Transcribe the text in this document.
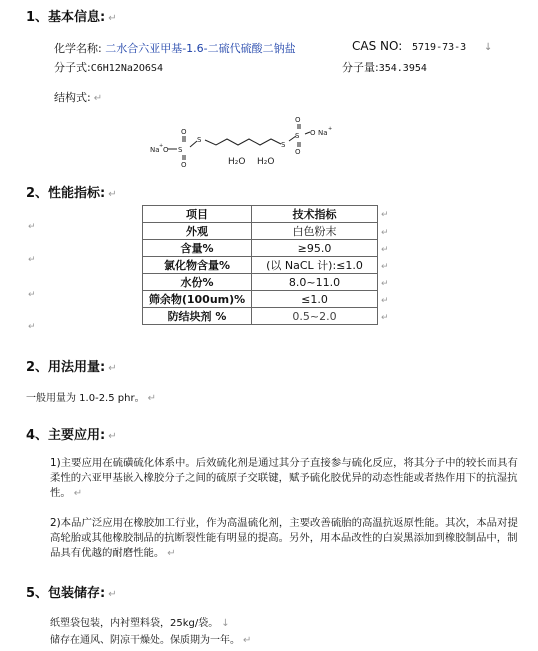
1、基本信息: ↵
化学名称: 二水合六亚甲基-1.6-二硫代硫酸二钠盐	CAS NO: 5719-73-3 ↓
分子式:C6H12Na2O6S4	分子量:354.3954
结构式: ↵
Na + O S
O
O
S
S
S
O
O
O Na +
H₂O H₂O
2、性能指标: ↵
项目	技术指标
外观	白色粉末
含量%	≥95.0
氯化物含量%	(以 NaCL 计):≤1.0
水份%	8.0~11.0
筛余物(100um)%	≤1.0
防结块剂 %	0.5~2.0
↵
↵
↵
↵
↵
↵
↵
↵
↵
↵
↵
2、用法用量: ↵
一般用量为 1.0-2.5 phr。 ↵
4、主要应用: ↵
1)主要应用在硫磺硫化体系中。后效硫化剂是通过其分子直接参与硫化反应，将其分子中的较长而具有柔性的六亚甲基嵌入橡胶分子之间的硫原子交联键，赋予硫化胶优异的动态性能或者热作用下的抗湿抗性。 ↵
2)本品广泛应用在橡胶加工行业，作为高温硫化剂，主要改善硫胎的高温抗返原性能。其次，本品对提高轮胎或其他橡胶制品的抗断裂性能有明显的提高。另外，用本品改性的白炭黑添加到橡胶制品中，制品具有优越的耐磨性能。 ↵
5、包装储存: ↵
纸塑袋包装，内衬塑料袋，25kg/袋。 ↓
储存在通风、阴凉干燥处。保质期为一年。 ↵
